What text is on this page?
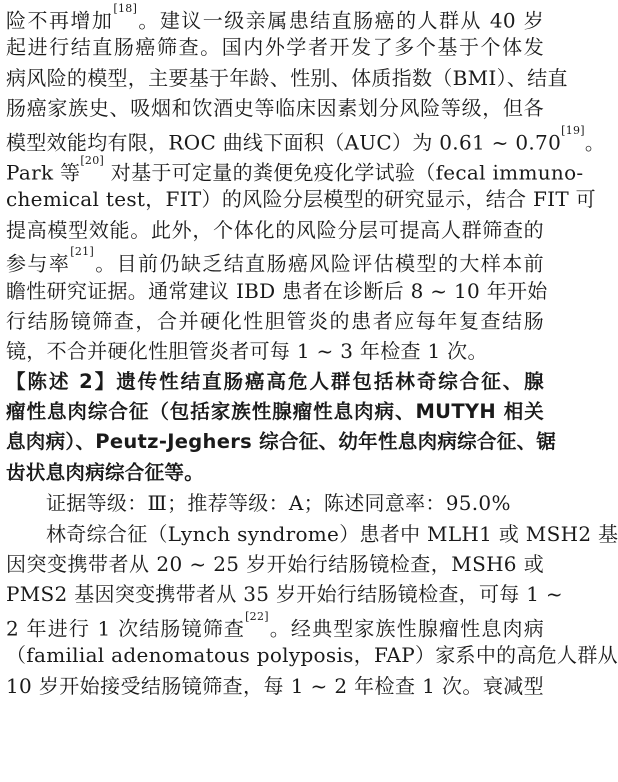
险不再增加[18]。建议一级亲属患结直肠癌的人群从 40 岁
起进行结直肠癌筛查。国内外学者开发了多个基于个体发
病风险的模型，主要基于年龄、性别、体质指数（BMI）、结直
肠癌家族史、吸烟和饮酒史等临床因素划分风险等级，但各
模型效能均有限，ROC 曲线下面积（AUC）为 0.61 ~ 0.70[19]。
Park 等[20] 对基于可定量的粪便免疫化学试验（fecal immuno-
chemical test，FIT）的风险分层模型的研究显示，结合 FIT 可
提高模型效能。此外，个体化的风险分层可提高人群筛查的
参与率[21]。目前仍缺乏结直肠癌风险评估模型的大样本前
瞻性研究证据。通常建议 IBD 患者在诊断后 8 ~ 10 年开始
行结肠镜筛查，合并硬化性胆管炎的患者应每年复查结肠
镜，不合并硬化性胆管炎者可每 1 ~ 3 年检查 1 次。
【陈述 2】遗传性结直肠癌高危人群包括林奇综合征、腺
瘤性息肉综合征（包括家族性腺瘤性息肉病、MUTYH 相关
息肉病）、Peutz-Jeghers 综合征、幼年性息肉病综合征、锯
齿状息肉病综合征等。
证据等级：Ⅲ；推荐等级：A；陈述同意率：95.0%
林奇综合征（Lynch syndrome）患者中 MLH1 或 MSH2 基
因突变携带者从 20 ~ 25 岁开始行结肠镜检查，MSH6 或
PMS2 基因突变携带者从 35 岁开始行结肠镜检查，可每 1 ~
2 年进行 1 次结肠镜筛查[22]。经典型家族性腺瘤性息肉病
（familial adenomatous polyposis，FAP）家系中的高危人群从
10 岁开始接受结肠镜筛查，每 1 ~ 2 年检查 1 次。衰减型
